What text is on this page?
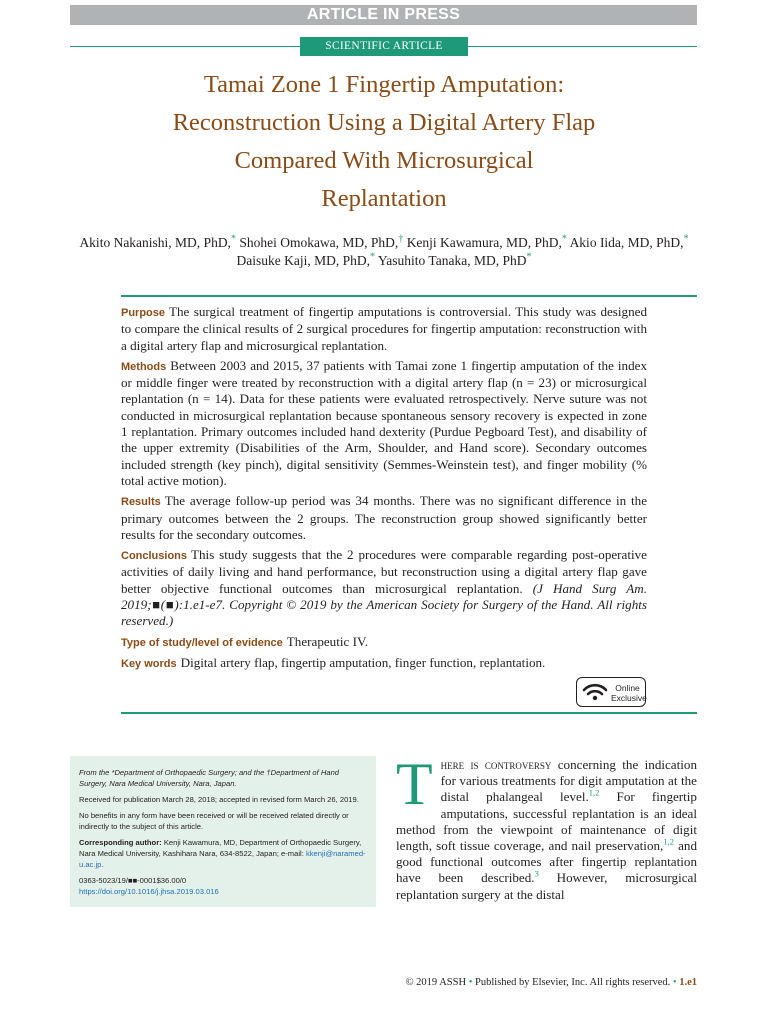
ARTICLE IN PRESS
SCIENTIFIC ARTICLE
Tamai Zone 1 Fingertip Amputation:
Reconstruction Using a Digital Artery Flap
Compared With Microsurgical
Replantation

Akito Nakanishi, MD, PhD,* Shohei Omokawa, MD, PhD,† Kenji Kawamura, MD, PhD,* Akio Iida, MD, PhD,*
Daisuke Kaji, MD, PhD,* Yasuhito Tanaka, MD, PhD*

Purpose The surgical treatment of fingertip amputations is controversial. This study was designed to compare the clinical results of 2 surgical procedures for fingertip amputation: reconstruction with a digital artery flap and microsurgical replantation.

Methods Between 2003 and 2015, 37 patients with Tamai zone 1 fingertip amputation of the index or middle finger were treated by reconstruction with a digital artery flap (n = 23) or microsurgical replantation (n = 14). Data for these patients were evaluated retrospectively. Nerve suture was not conducted in microsurgical replantation because spontaneous sensory recovery is expected in zone 1 replantation. Primary outcomes included hand dexterity (Purdue Pegboard Test), and disability of the upper extremity (Disabilities of the Arm, Shoulder, and Hand score). Secondary outcomes included strength (key pinch), digital sensitivity (Semmes-Weinstein test), and finger mobility (% total active motion).

Results The average follow-up period was 34 months. There was no significant difference in the primary outcomes between the 2 groups. The reconstruction group showed significantly better results for the secondary outcomes.

Conclusions This study suggests that the 2 procedures were comparable regarding post-operative activities of daily living and hand performance, but reconstruction using a digital artery flap gave better objective functional outcomes than microsurgical replantation. (J Hand Surg Am. 2019;■(■):1.e1-e7. Copyright © 2019 by the American Society for Surgery of the Hand. All rights reserved.)

Type of study/level of evidence Therapeutic IV.

Key words Digital artery flap, fingertip amputation, finger function, replantation.

Online
Exclusive

From the *Department of Orthopaedic Surgery; and the †Department of Hand Surgery, Nara Medical University, Nara, Japan.

Received for publication March 28, 2018; accepted in revised form March 26, 2019.

No benefits in any form have been received or will be received related directly or indirectly to the subject of this article.

Corresponding author: Kenji Kawamura, MD, Department of Orthopaedic Surgery, Nara Medical University, Kashihara Nara, 634-8522, Japan; e-mail: kkenji@naramed-u.ac.jp.

0363-5023/19/■■-0001$36.00/0
https://doi.org/10.1016/j.jhsa.2019.03.016

There is controversy concerning the indication for various treatments for digit amputation at the distal phalangeal level.$^{1,2}$ For fingertip amputations, successful replantation is an ideal method from the viewpoint of maintenance of digit length, soft tissue coverage, and nail preservation,$^{1,2}$ and good functional outcomes after fingertip replantation have been described.$^3$ However, microsurgical replantation surgery at the distal

© 2019 ASSH • Published by Elsevier, Inc. All rights reserved. • 1.e1
